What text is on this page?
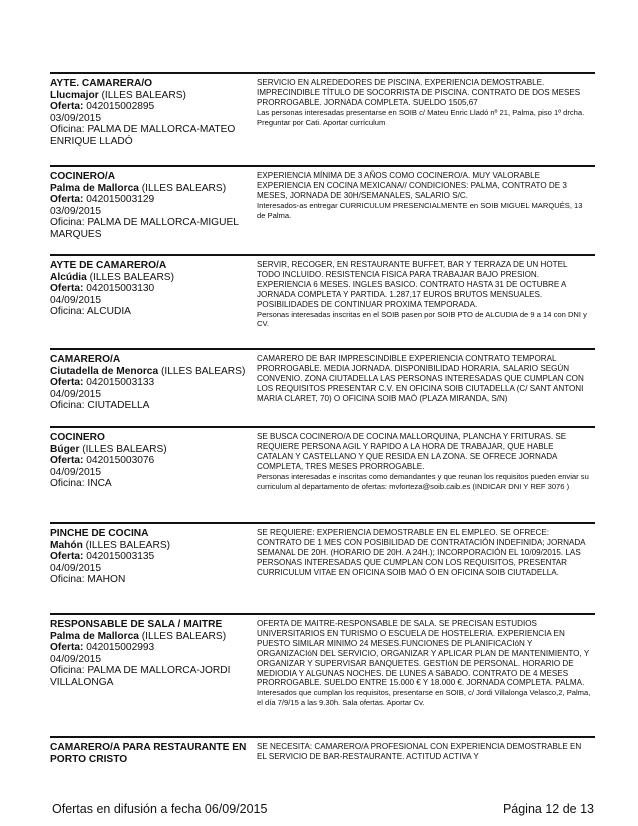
AYTE. CAMARERA/O
Llucmajor (ILLES BALEARS)
Oferta: 042015002895
03/09/2015
Oficina: PALMA DE MALLORCA-MATEO ENRIQUE LLADÓ
SERVICIO EN ALREDEDORES DE PISCINA. EXPERIENCIA DEMOSTRABLE. IMPRECINDIBLE TÍTULO DE SOCORRISTA DE PISCINA. CONTRATO DE DOS MESES PRORROGABLE. JORNADA COMPLETA. SUELDO 1505,67
Las personas interesadas presentarse en SOIB c/ Mateu Enric Lladó nº 21, Palma, piso 1º drcha. Preguntar por Cati. Aportar currículum
COCINERO/A
Palma de Mallorca (ILLES BALEARS)
Oferta: 042015003129
03/09/2015
Oficina: PALMA DE MALLORCA-MIGUEL MARQUES
EXPERIENCIA MÍNIMA DE 3 AÑOS COMO COCINERO/A. MUY VALORABLE EXPERIENCIA EN COCINA MEXICANA// CONDICIONES: PALMA, CONTRATO DE 3 MESES, JORNADA DE 30H/SEMANALES, SALARIO S/C.
Interesados-as entregar CURRICULUM PRESENCIALMENTE en SOIB MIGUEL MARQUÉS, 13 de Palma.
AYTE DE CAMARERO/A
Alcúdia (ILLES BALEARS)
Oferta: 042015003130
04/09/2015
Oficina: ALCUDIA
SERVIR, RECOGER, EN RESTAURANTE BUFFET, BAR Y TERRAZA DE UN HOTEL TODO INCLUIDO. RESISTENCIA FISICA PARA TRABAJAR BAJO PRESION. EXPERIENCIA 6 MESES. INGLES BASICO. CONTRATO HASTA 31 DE OCTUBRE A JORNADA COMPLETA Y PARTIDA. 1.287,17 EUROS BRUTOS MENSUALES. POSIBILIDADES DE CONTINUAR PROXIMA TEMPORADA.
Personas interesadas inscritas en el SOIB pasen por SOIB PTO de ALCUDIA de 9 a 14 con DNI y CV.
CAMARERO/A
Ciutadella de Menorca (ILLES BALEARS)
Oferta: 042015003133
04/09/2015
Oficina: CIUTADELLA
CAMARERO DE BAR IMPRESCINDIBLE EXPERIENCIA CONTRATO TEMPORAL PRORROGABLE. MEDIA JORNADA. DISPONIBILIDAD HORARIA. SALARIO SEGÚN CONVENIO. ZONA CIUTADELLA LAS PERSONAS INTERESADAS QUE CUMPLAN CON LOS REQUISITOS PRESENTAR C.V. EN OFICINA SOIB CIUTADELLA (C/ SANT ANTONI MARIA CLARET, 70) O OFICINA SOIB MAÓ (PLAZA MIRANDA, S/N)
COCINERO
Búger (ILLES BALEARS)
Oferta: 042015003076
04/09/2015
Oficina: INCA
SE BUSCA COCINERO/A DE COCINA MALLORQUINA, PLANCHA Y FRITURAS. SE REQUIERE PERSONA AGIL Y RAPIDO A LA HORA DE TRABAJAR, QUE HABLE CATALAN Y CASTELLANO Y QUE RESIDA EN LA ZONA. SE OFRECE JORNADA COMPLETA, TRES MESES PRORROGABLE.
Personas interesadas e inscritas como demandantes y que reunan los requisitos pueden enviar su curriculum al departamento de ofertas: mvforteza@soib.caib.es (INDICAR DNI Y REF 3076 )
PINCHE DE COCINA
Mahón (ILLES BALEARS)
Oferta: 042015003135
04/09/2015
Oficina: MAHON
SE REQUIERE: EXPERIENCIA DEMOSTRABLE EN EL EMPLEO. SE OFRECE: CONTRATO DE 1 MES CON POSIBILIDAD DE CONTRATACIÓN INDEFINIDA; JORNADA SEMANAL DE 20H. (HORARIO DE 20H. A 24H.); INCORPORACIÓN EL 10/09/2015. LAS PERSONAS INTERESADAS QUE CUMPLAN CON LOS REQUISITOS, PRESENTAR CURRICULUM VITAE EN OFICINA SOIB MAÓ Ó EN OFICINA SOIB CIUTADELLA.
RESPONSABLE DE SALA / MAITRE
Palma de Mallorca (ILLES BALEARS)
Oferta: 042015002993
04/09/2015
Oficina: PALMA DE MALLORCA-JORDI VILLALONGA
OFERTA DE MAITRE-RESPONSABLE DE SALA. SE PRECISAN ESTUDIOS UNIVERSITARIOS EN TURISMO O ESCUELA DE HOSTELERIA. EXPERIENCIA EN PUESTO SIMILAR MINIMO 24 MESES.FUNCIONES DE PLANIFICACIóN Y ORGANIZACIóN DEL SERVICIO, ORGANIZAR Y APLICAR PLAN DE MANTENIMIENTO, Y ORGANIZAR Y SUPERVISAR BANQUETES. GESTIóN DE PERSONAL. HORARIO DE MEDIODIA Y ALGUNAS NOCHES. DE LUNES A SáBADO. CONTRATO DE 4 MESES PRORROGABLE. SUELDO ENTRE 15.000 € Y 18.000 €. JORNADA COMPLETA. PALMA.
Interesados que cumplan los requisitos, presentarse en SOIB, c/ Jordi Villalonga Velasco,2, Palma, el día 7/9/15 a las 9.30h. Sala ofertas. Aportar Cv.
CAMARERO/A PARA RESTAURANTE EN PORTO CRISTO
SE NECESITA: CAMARERO/A PROFESIONAL CON EXPERIENCIA DEMOSTRABLE EN EL SERVICIO DE BAR-RESTAURANTE. ACTITUD ACTIVA Y
Ofertas en difusión a fecha 06/09/2015	Página 12 de 13
